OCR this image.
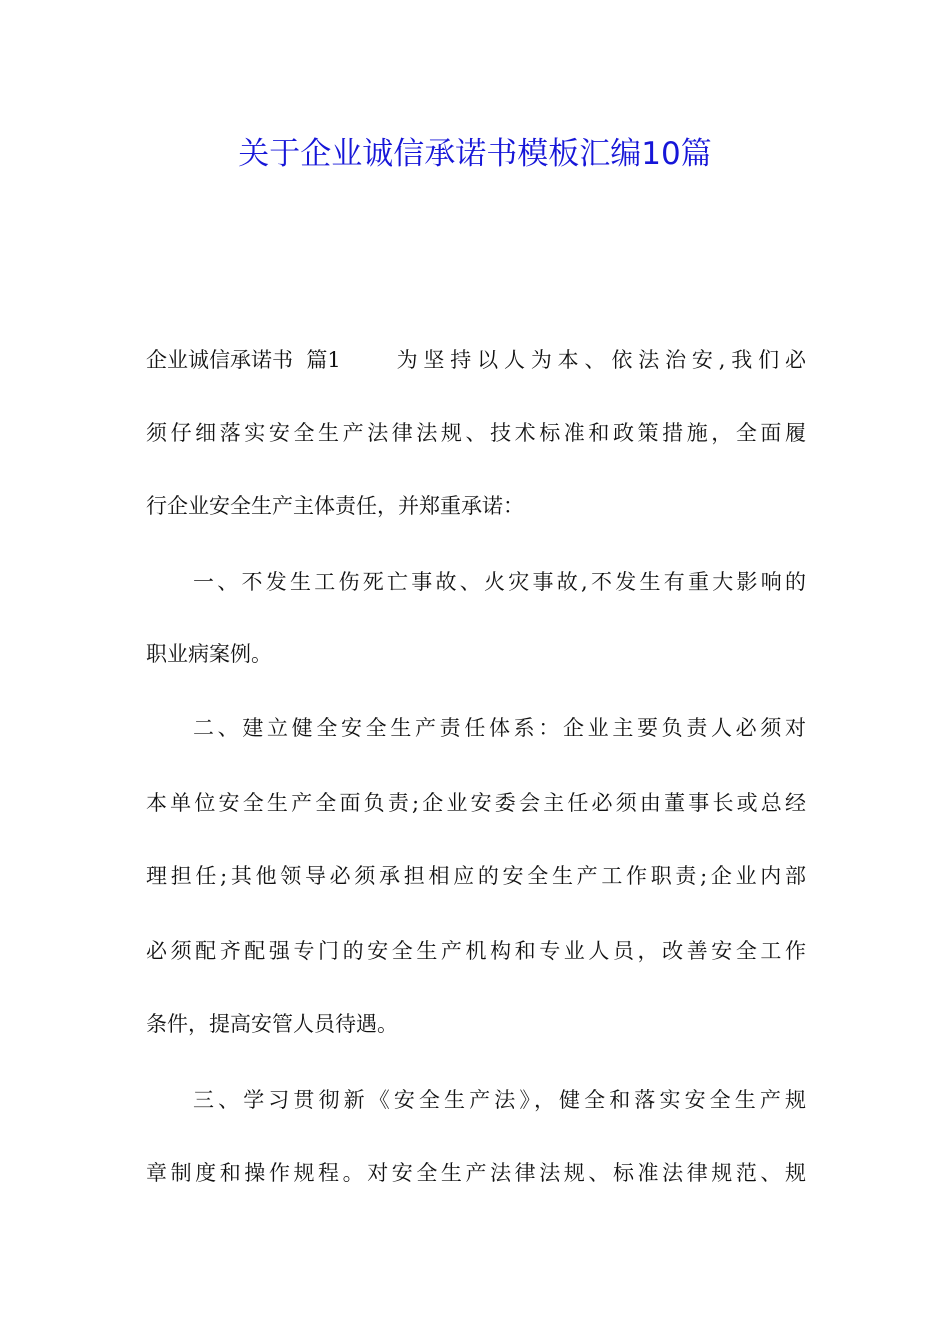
关于企业诚信承诺书模板汇编10篇
企业诚信承诺书  篇1 为坚持以人为本、依法治安,我们必
须仔细落实安全生产法律法规、技术标准和政策措施，全面履
行企业安全生产主体责任，并郑重承诺：
一、不发生工伤死亡事故、火灾事故,不发生有重大影响的
职业病案例。
二、建立健全安全生产责任体系：企业主要负责人必须对
本单位安全生产全面负责;企业安委会主任必须由董事长或总经
理担任;其他领导必须承担相应的安全生产工作职责;企业内部
必须配齐配强专门的安全生产机构和专业人员，改善安全工作
条件，提高安管人员待遇。
三、学习贯彻新《安全生产法》，健全和落实安全生产规
章制度和操作规程。对安全生产法律法规、标准法律规范、规
